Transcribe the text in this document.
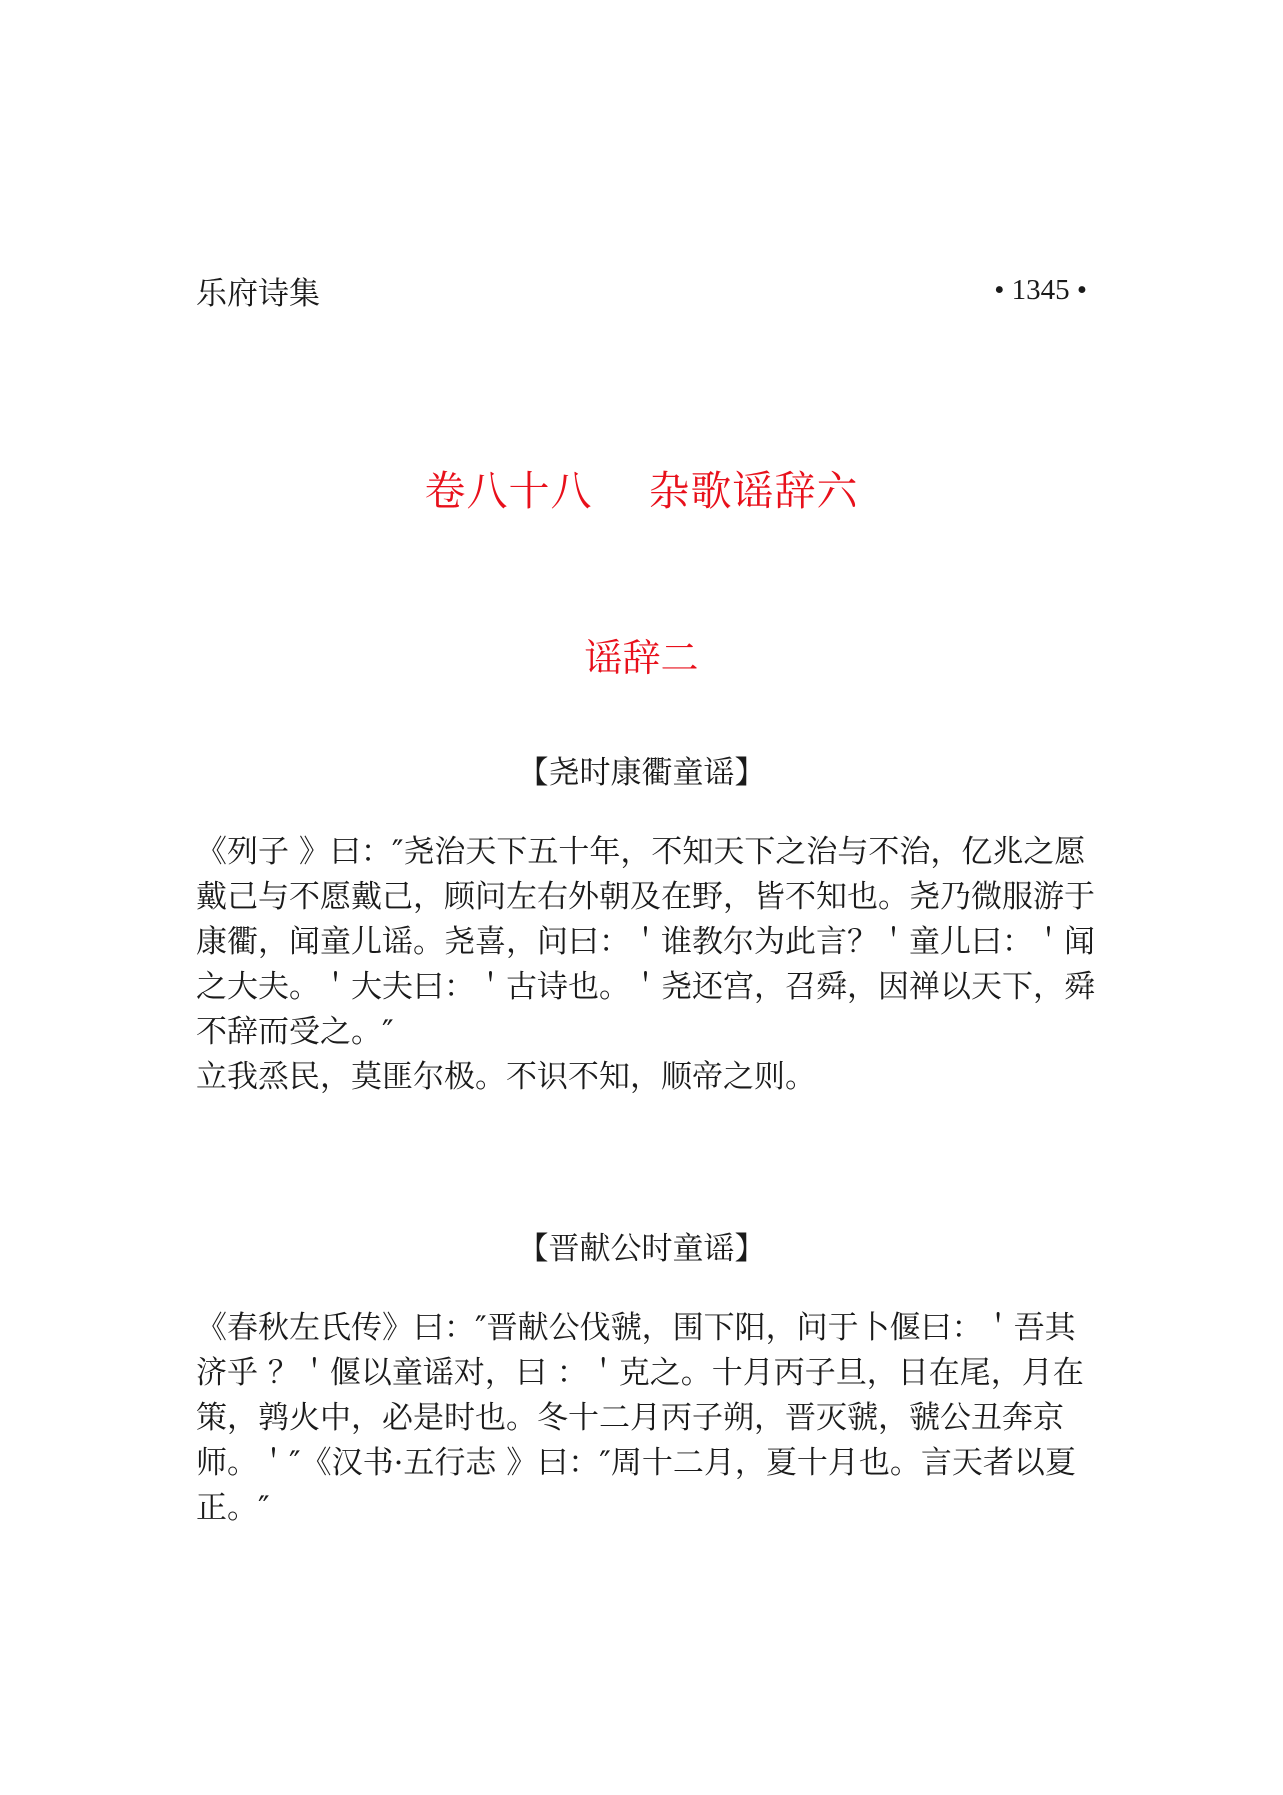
乐府诗集	• 1345 •
卷八十八　 杂歌谣辞六
谣辞二
【尧时康衢童谣】
《列子 》曰：″尧治天下五十年，不知天下之治与不治，亿兆之愿戴己与不愿戴己，顾问左右外朝及在野，皆不知也。尧乃微服游于康衢，闻童儿谣。尧喜，问曰：＇谁教尔为此言？＇童儿曰：＇闻之大夫。＇大夫曰：＇古诗也。＇尧还宫，召舜，因禅以天下，舜不辞而受之。″
立我烝民，莫匪尔极。不识不知，顺帝之则。
【晋献公时童谣】
《春秋左氏传》曰：″晋献公伐虢，围下阳，问于卜偃曰：＇吾其济乎 ？＇偃以童谣对，曰 ：＇克之。十月丙子旦，日在尾，月在策，鹑火中，必是时也。冬十二月丙子朔，晋灭虢，虢公丑奔京师。＇″《汉书·五行志 》曰：″周十二月，夏十月也。言天者以夏正。″
